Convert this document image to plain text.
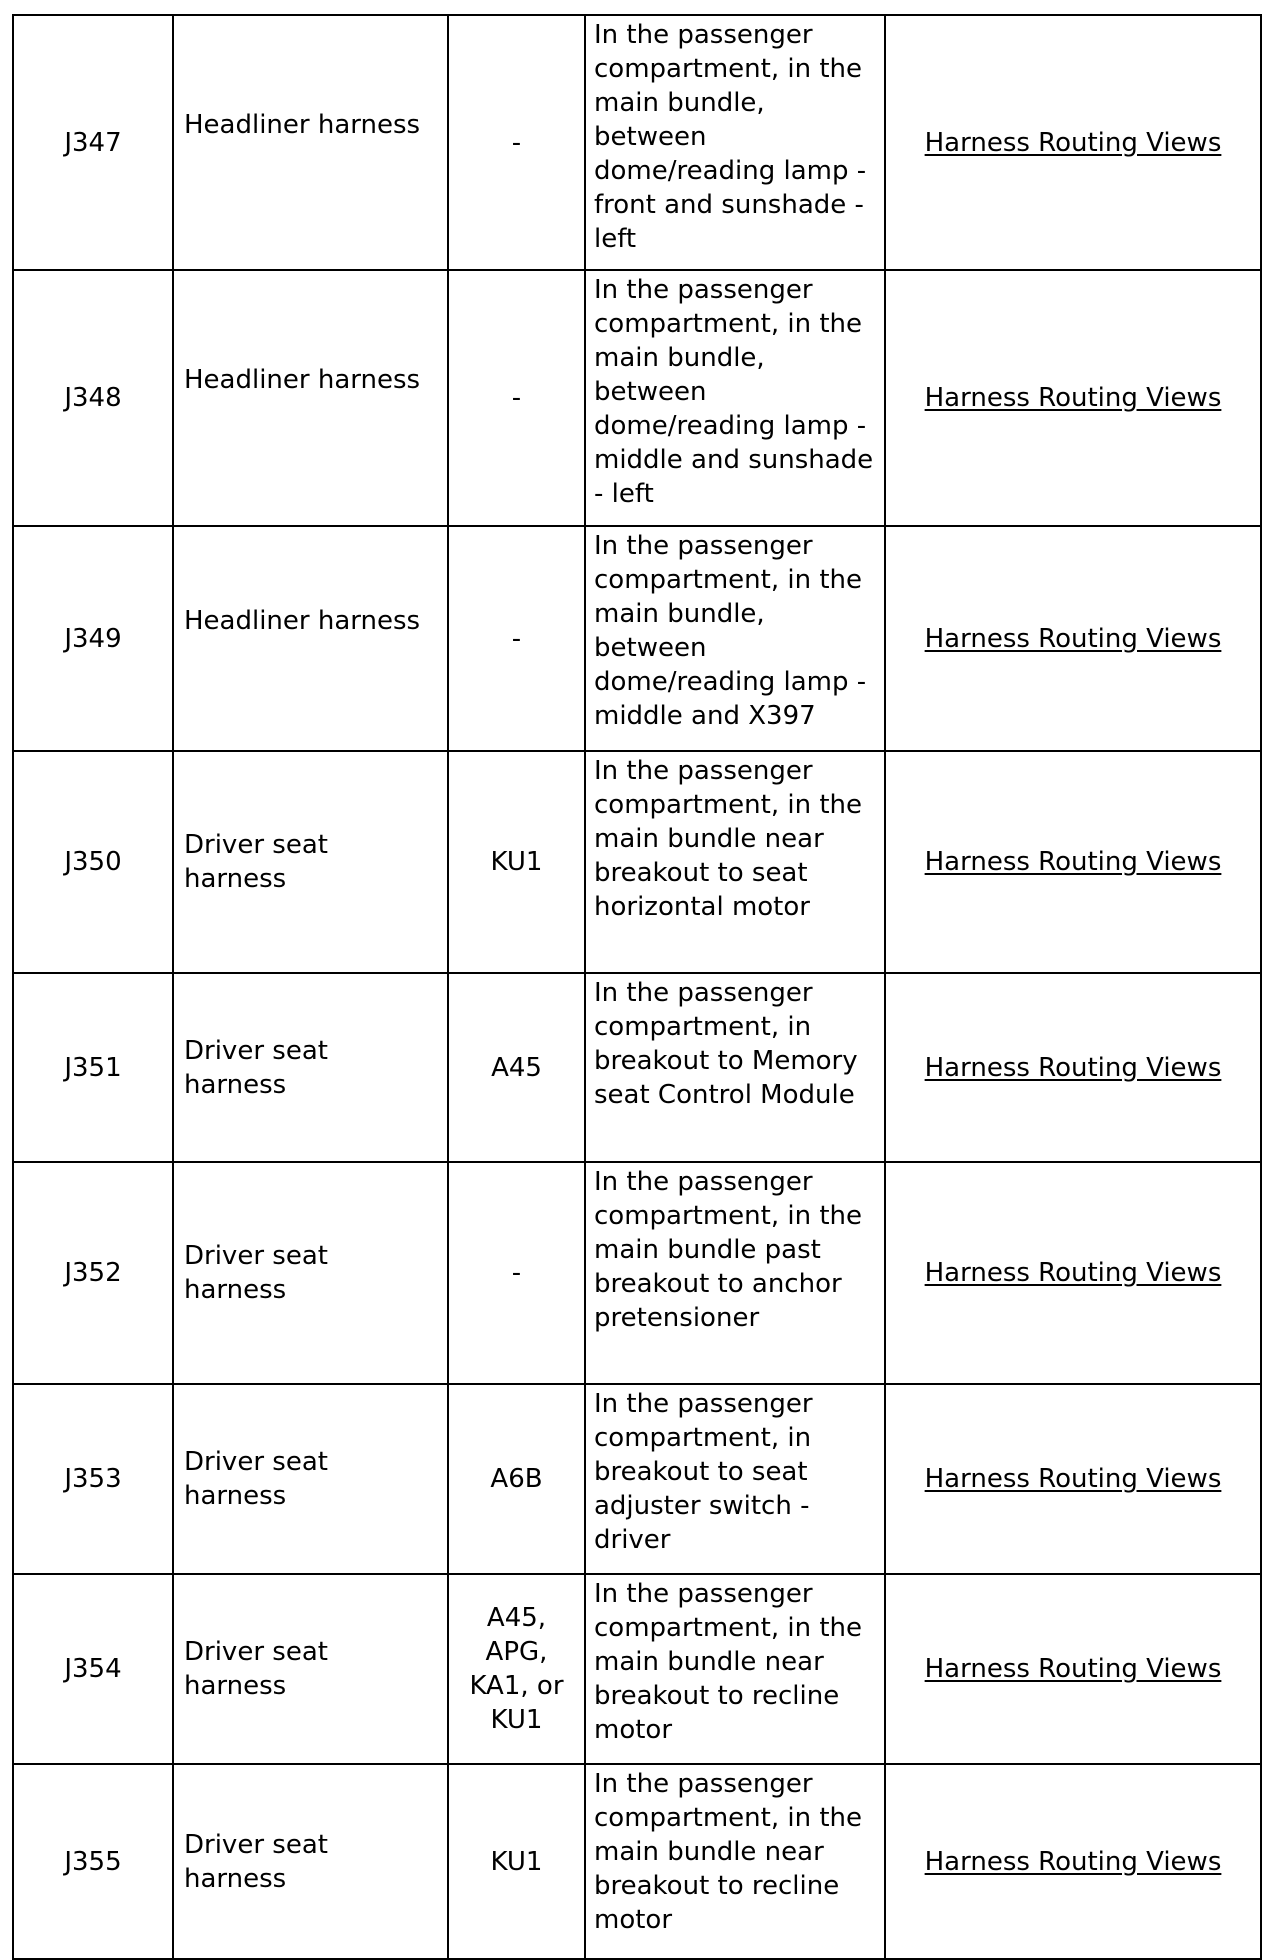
J347	Headliner harness	-	In the passenger compartment, in the main bundle, between dome/reading lamp - front and sunshade - left	Harness Routing Views
J348	Headliner harness	-	In the passenger compartment, in the main bundle, between dome/reading lamp - middle and sunshade - left	Harness Routing Views
J349	Headliner harness	-	In the passenger compartment, in the main bundle, between dome/reading lamp - middle and X397	Harness Routing Views
J350	Driver seat harness	KU1	In the passenger compartment, in the main bundle near breakout to seat horizontal motor	Harness Routing Views
J351	Driver seat harness	A45	In the passenger compartment, in breakout to Memory seat Control Module	Harness Routing Views
J352	Driver seat harness	-	In the passenger compartment, in the main bundle past breakout to anchor pretensioner	Harness Routing Views
J353	Driver seat harness	A6B	In the passenger compartment, in breakout to seat adjuster switch - driver	Harness Routing Views
J354	Driver seat harness	A45, APG, KA1, or KU1	In the passenger compartment, in the main bundle near breakout to recline motor	Harness Routing Views
J355	Driver seat harness	KU1	In the passenger compartment, in the main bundle near breakout to recline motor	Harness Routing Views
